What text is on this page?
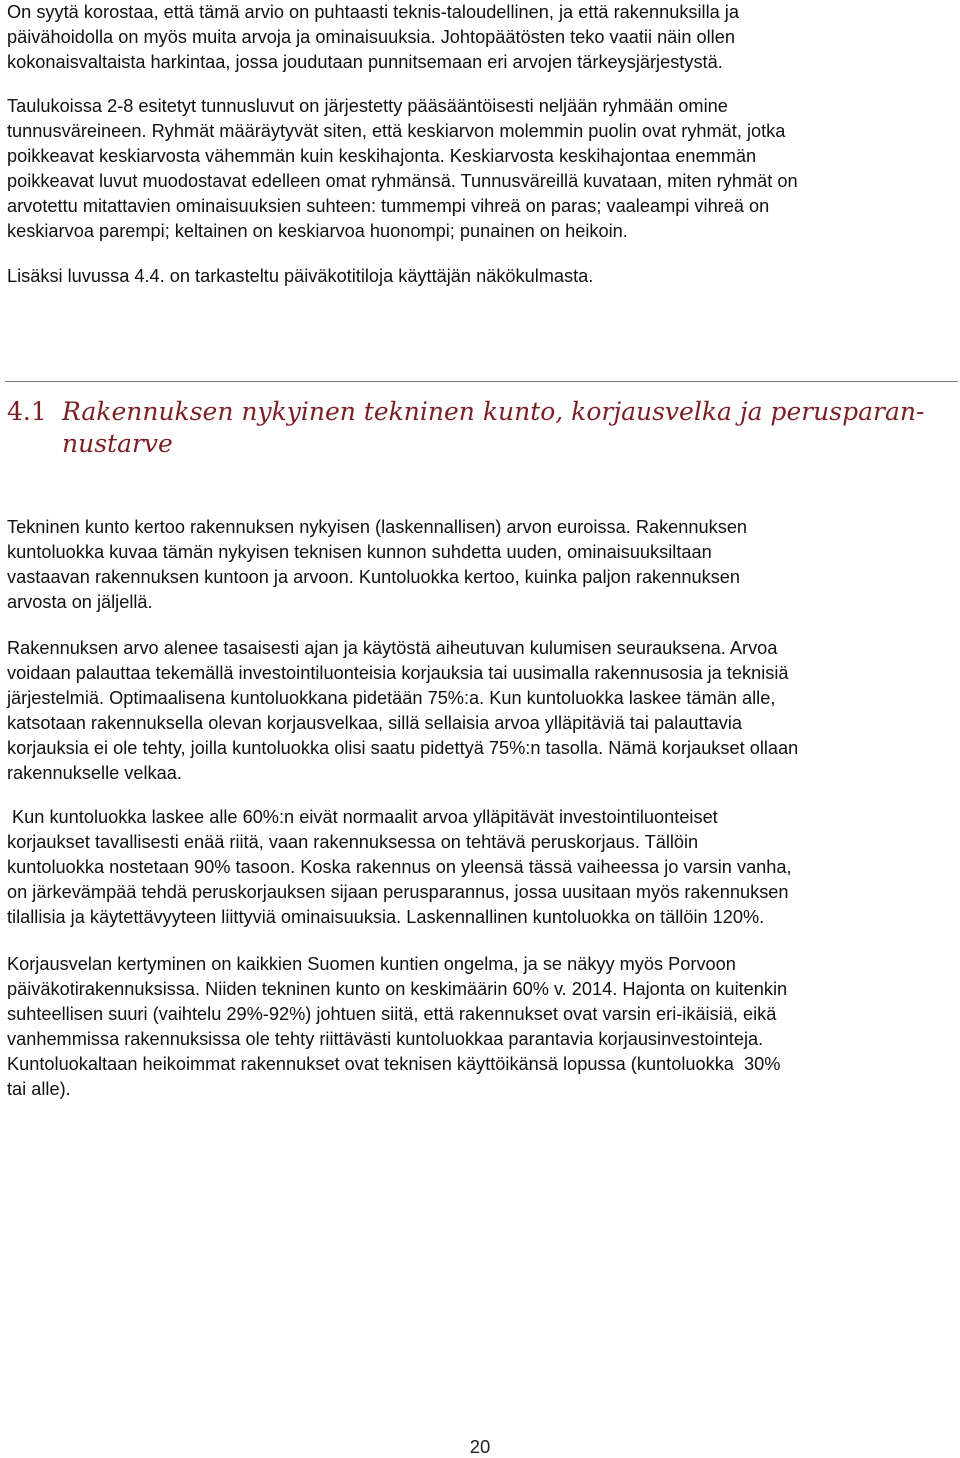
On syytä korostaa, että tämä arvio on puhtaasti teknis-taloudellinen, ja että rakennuksilla ja
päivähoidolla on myös muita arvoja ja ominaisuuksia. Johtopäätösten teko vaatii näin ollen
kokonaisvaltaista harkintaa, jossa joudutaan punnitsemaan eri arvojen tärkeysjärjestystä.

Taulukoissa 2-8 esitetyt tunnusluvut on järjestetty pääsääntöisesti neljään ryhmään omine
tunnusväreineen. Ryhmät määräytyvät siten, että keskiarvon molemmin puolin ovat ryhmät, jotka
poikkeavat keskiarvosta vähemmän kuin keskihajonta. Keskiarvosta keskihajontaa enemmän
poikkeavat luvut muodostavat edelleen omat ryhmänsä. Tunnusväreillä kuvataan, miten ryhmät on
arvotettu mitattavien ominaisuuksien suhteen: tummempi vihreä on paras; vaaleampi vihreä on
keskiarvoa parempi; keltainen on keskiarvoa huonompi; punainen on heikoin.

Lisäksi luvussa 4.4. on tarkasteltu päiväkotitiloja käyttäjän näkökulmasta.

4.1 Rakennuksen nykyinen tekninen kunto, korjausvelka ja perusparan-
nustarve

Tekninen kunto kertoo rakennuksen nykyisen (laskennallisen) arvon euroissa. Rakennuksen
kuntoluokka kuvaa tämän nykyisen teknisen kunnon suhdetta uuden, ominaisuuksiltaan
vastaavan rakennuksen kuntoon ja arvoon. Kuntoluokka kertoo, kuinka paljon rakennuksen
arvosta on jäljellä.

Rakennuksen arvo alenee tasaisesti ajan ja käytöstä aiheutuvan kulumisen seurauksena. Arvoa
voidaan palauttaa tekemällä investointiluonteisia korjauksia tai uusimalla rakennusosia ja teknisiä
järjestelmiä. Optimaalisena kuntoluokkana pidetään 75%:a. Kun kuntoluokka laskee tämän alle,
katsotaan rakennuksella olevan korjausvelkaa, sillä sellaisia arvoa ylläpitäviä tai palauttavia
korjauksia ei ole tehty, joilla kuntoluokka olisi saatu pidettyä 75%:n tasolla. Nämä korjaukset ollaan
rakennukselle velkaa.

Kun kuntoluokka laskee alle 60%:n eivät normaalit arvoa ylläpitävät investointiluonteiset
korjaukset tavallisesti enää riitä, vaan rakennuksessa on tehtävä peruskorjaus. Tällöin
kuntoluokka nostetaan 90% tasoon. Koska rakennus on yleensä tässä vaiheessa jo varsin vanha,
on järkevämpää tehdä peruskorjauksen sijaan perusparannus, jossa uusitaan myös rakennuksen
tilallisia ja käytettävyyteen liittyviä ominaisuuksia. Laskennallinen kuntoluokka on tällöin 120%.

Korjausvelan kertyminen on kaikkien Suomen kuntien ongelma, ja se näkyy myös Porvoon
päiväkotirakennuksissa. Niiden tekninen kunto on keskimäärin 60% v. 2014. Hajonta on kuitenkin
suhteellisen suuri (vaihtelu 29%-92%) johtuen siitä, että rakennukset ovat varsin eri-ikäisiä, eikä
vanhemmissa rakennuksissa ole tehty riittävästi kuntoluokkaa parantavia korjausinvestointeja.
Kuntoluokaltaan heikoimmat rakennukset ovat teknisen käyttöikänsä lopussa (kuntoluokka  30%
tai alle).

20
